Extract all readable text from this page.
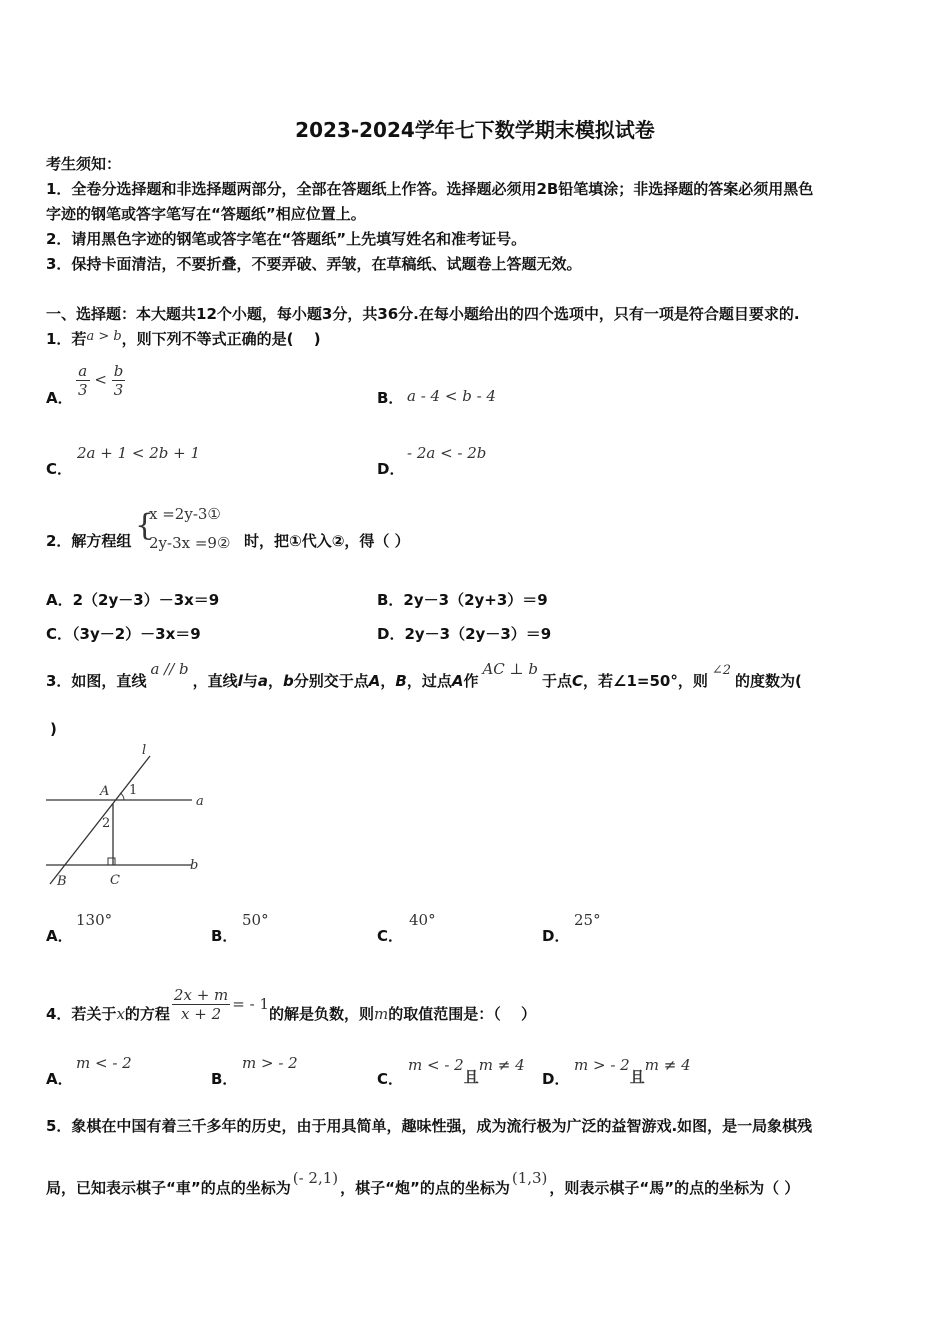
2023-2024学年七下数学期末模拟试卷
考生须知：
1．全卷分选择题和非选择题两部分，全部在答题纸上作答。选择题必须用2B铅笔填涂；非选择题的答案必须用黑色
字迹的钢笔或答字笔写在“答题纸”相应位置上。
2．请用黑色字迹的钢笔或答字笔在“答题纸”上先填写姓名和准考证号。
3．保持卡面清洁，不要折叠，不要弄破、弄皱，在草稿纸、试题卷上答题无效。
一、选择题：本大题共12个小题，每小题3分，共36分.在每小题给出的四个选项中，只有一项是符合题目要求的.
1．若a > b，则下列不等式正确的是(　 )
A． $\frac{a}{3} < \frac{b}{3}$	B． a - 4 < b - 4
C．
2a + 1 < 2b + 1
D．
- 2a < - 2b
2．解方程组 {
x =2y-3①
2y-3x =9② 时，把①代入②，得（ ）
A．2（2y－3）－3x＝9	B．2y－3（2y+3）＝9
C．（3y－2）－3x＝9	D．2y－3（2y－3）＝9
3．如图，直线a // b，直线l与a，b分别交于点A，B，过点A作AC ⊥ b于点C，若∠1=50°，则∠2的度数为(
)
l
A 1
a
2
B	C
b
A．
130°
B．
50°
C．
40°
D．
25°
4．若关于x的方程 $\frac{2x + m}{x + 2}$ = - 1的解是负数，则m的取值范围是：（　 ）
A．
m < - 2
B．
m > - 2
C．
m < - 2且m ≠ 4
D．
m > - 2且m ≠ 4
5．象棋在中国有着三千多年的历史，由于用具简单，趣味性强，成为流行极为广泛的益智游戏.如图，是一局象棋残
局，已知表示棋子“車”的点的坐标为(- 2,1)，棋子“炮”的点的坐标为(1,3)，则表示棋子“馬”的点的坐标为（ ）
